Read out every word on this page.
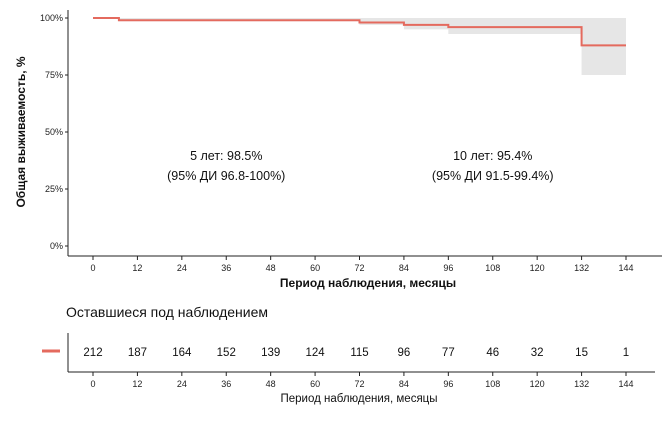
0%
25%
50%
75%
100%
0	12	24	36	48	60	72	84	96	108	120	132	144
Общая выживаемость, %
Период наблюдения, месяцы
5 лет: 98.5%
(95% ДИ 96.8-100%)
10 лет: 95.4%
(95% ДИ 91.5-99.4%)
Оставшиеся под наблюдением
212 187 164 152 139 124 115	96	77	46	32	15	1
0	12	24	36	48	60	72	84	96	108	120	132	144
Период наблюдения, месяцы
